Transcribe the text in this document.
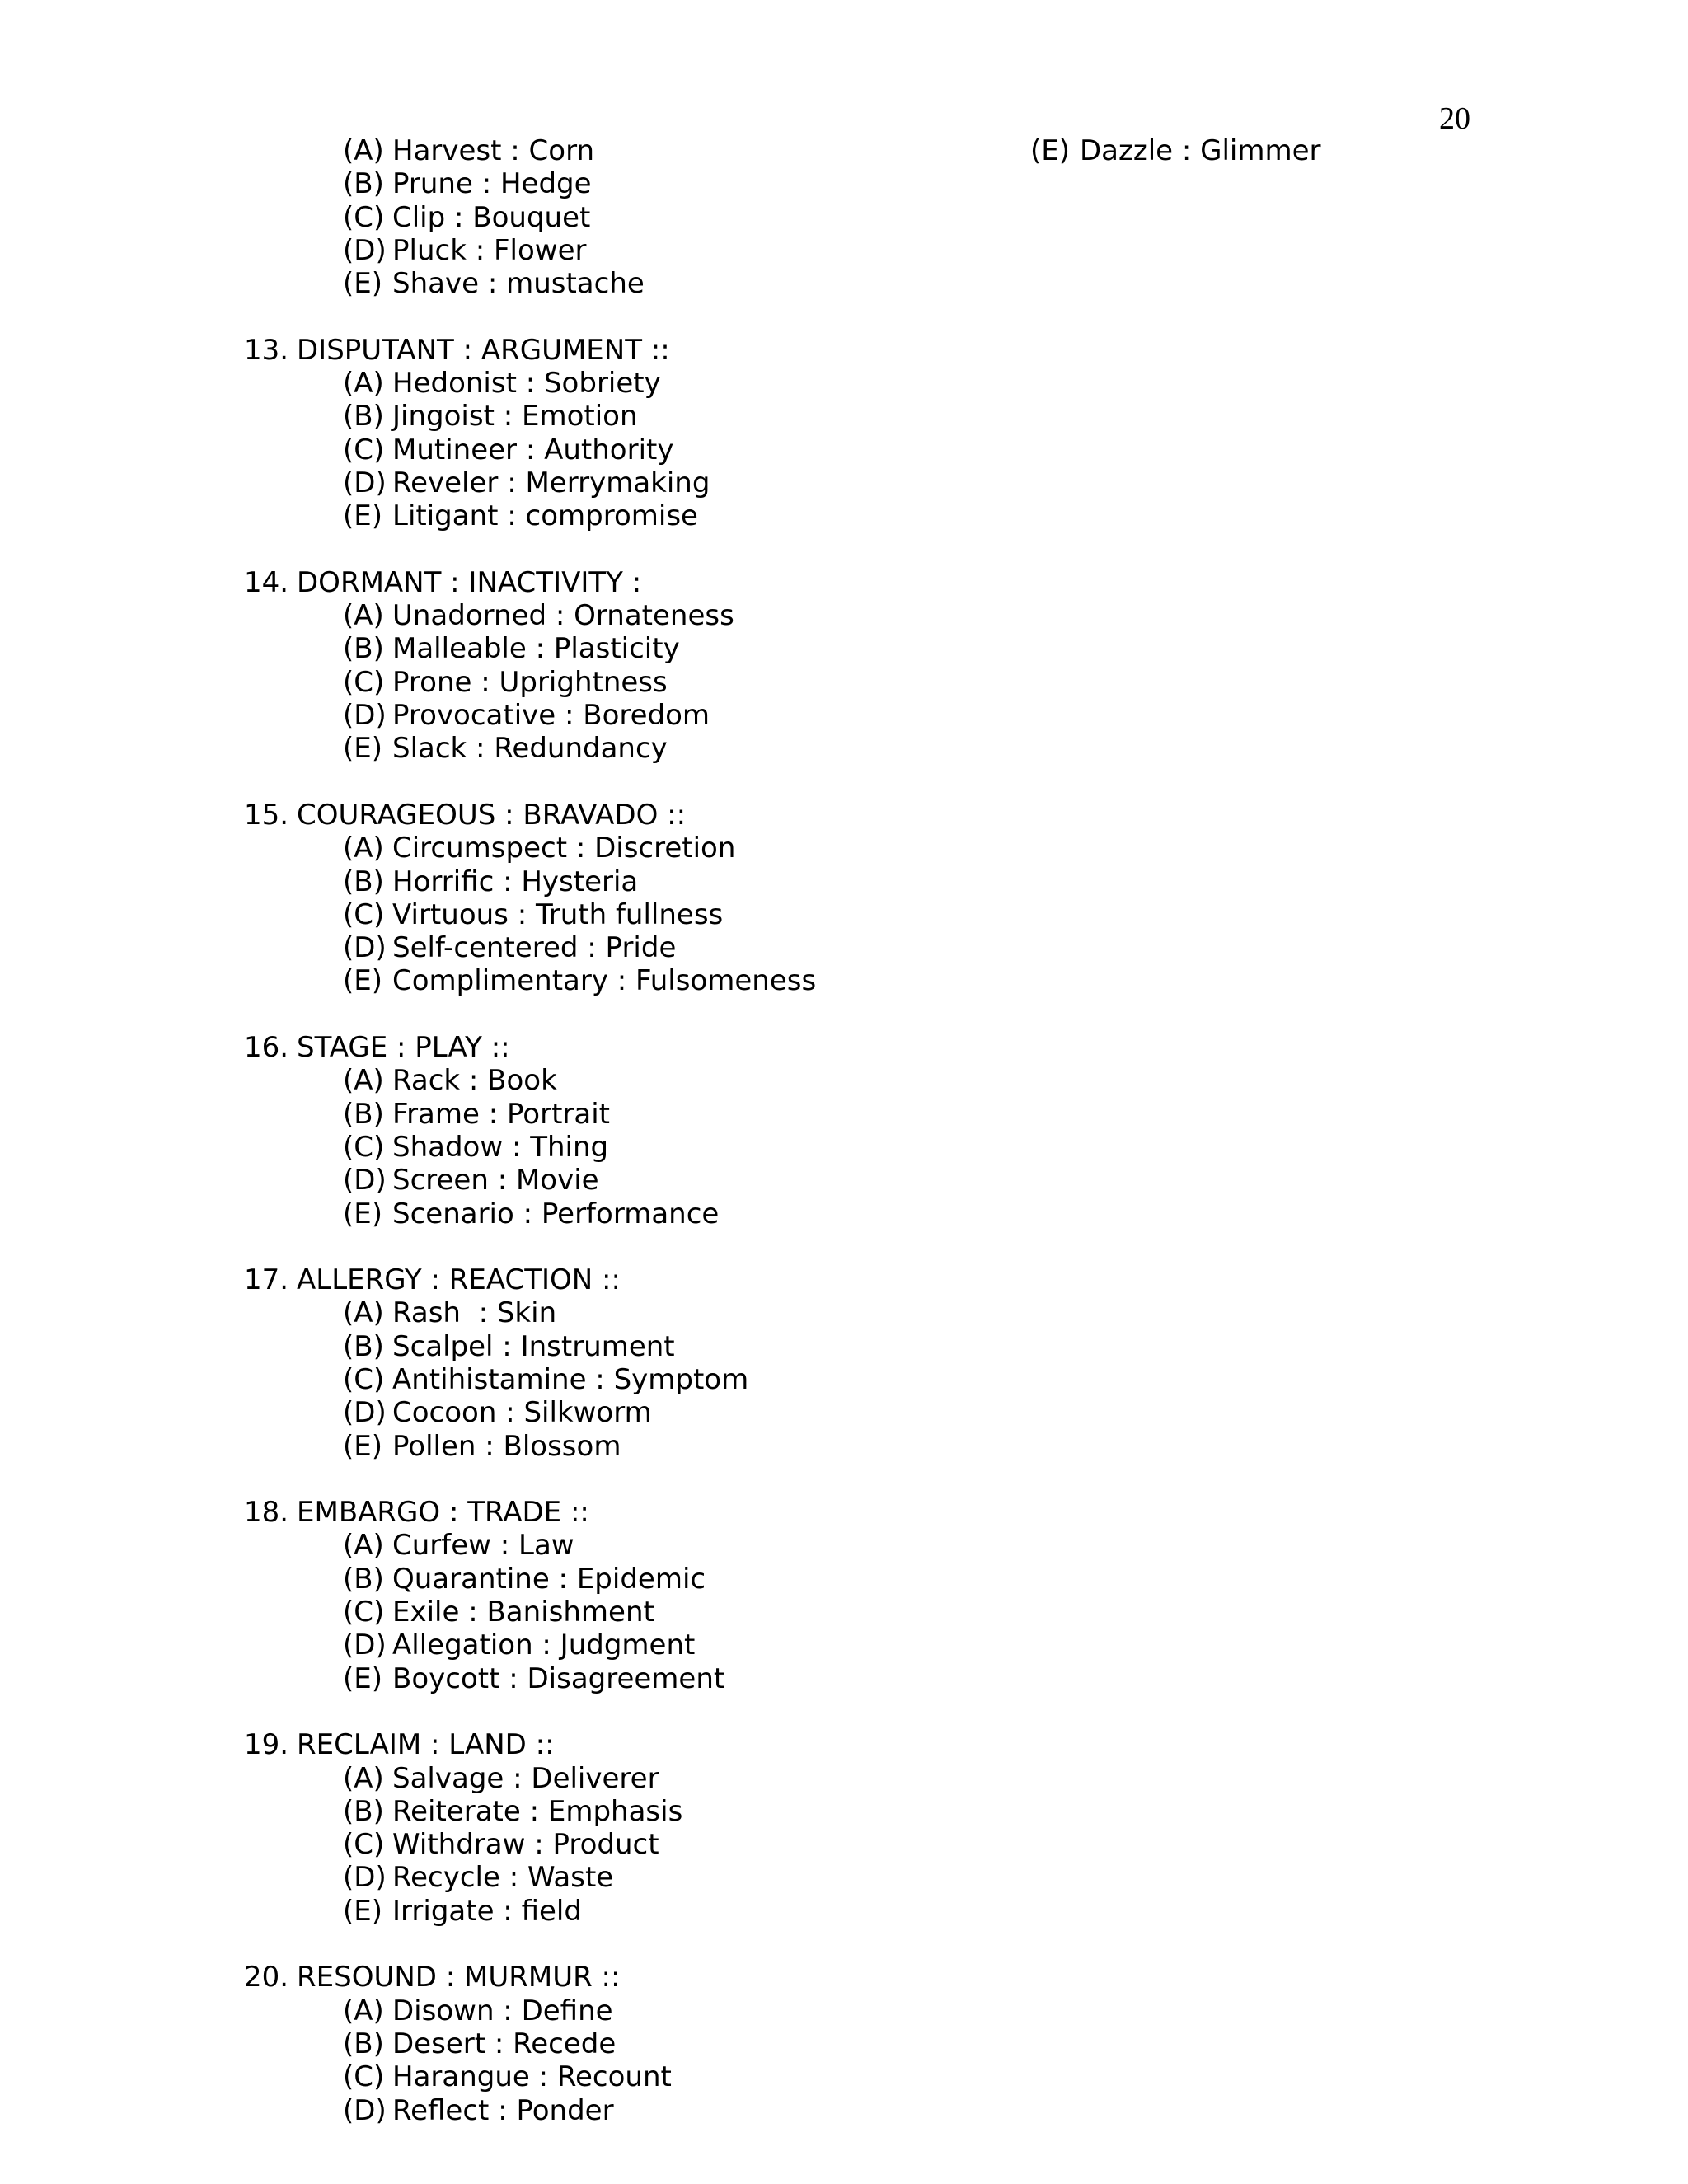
20
(A) Harvest : Corn
(B) Prune : Hedge
(C) Clip : Bouquet
(D) Pluck : Flower
(E) Shave : mustache
13. DISPUTANT : ARGUMENT ::
(A) Hedonist : Sobriety
(B) Jingoist : Emotion
(C) Mutineer : Authority
(D) Reveler : Merrymaking
(E) Litigant : compromise
14. DORMANT : INACTIVITY :
(A) Unadorned : Ornateness
(B) Malleable : Plasticity
(C) Prone : Uprightness
(D) Provocative : Boredom
(E) Slack : Redundancy
15. COURAGEOUS : BRAVADO ::
(A) Circumspect : Discretion
(B) Horrific : Hysteria
(C) Virtuous : Truth fullness
(D) Self-centered : Pride
(E) Complimentary : Fulsomeness
16. STAGE : PLAY ::
(A) Rack : Book
(B) Frame : Portrait
(C) Shadow : Thing
(D) Screen : Movie
(E) Scenario : Performance
17. ALLERGY : REACTION ::
(A) Rash  : Skin
(B) Scalpel : Instrument
(C) Antihistamine : Symptom
(D) Cocoon : Silkworm
(E) Pollen : Blossom
18. EMBARGO : TRADE ::
(A) Curfew : Law
(B) Quarantine : Epidemic
(C) Exile : Banishment
(D) Allegation : Judgment
(E) Boycott : Disagreement
19. RECLAIM : LAND ::
(A) Salvage : Deliverer
(B) Reiterate : Emphasis
(C) Withdraw : Product
(D) Recycle : Waste
(E) Irrigate : field
20. RESOUND : MURMUR ::
(A) Disown : Define
(B) Desert : Recede
(C) Harangue : Recount
(D) Reflect : Ponder
(E) Dazzle : Glimmer
